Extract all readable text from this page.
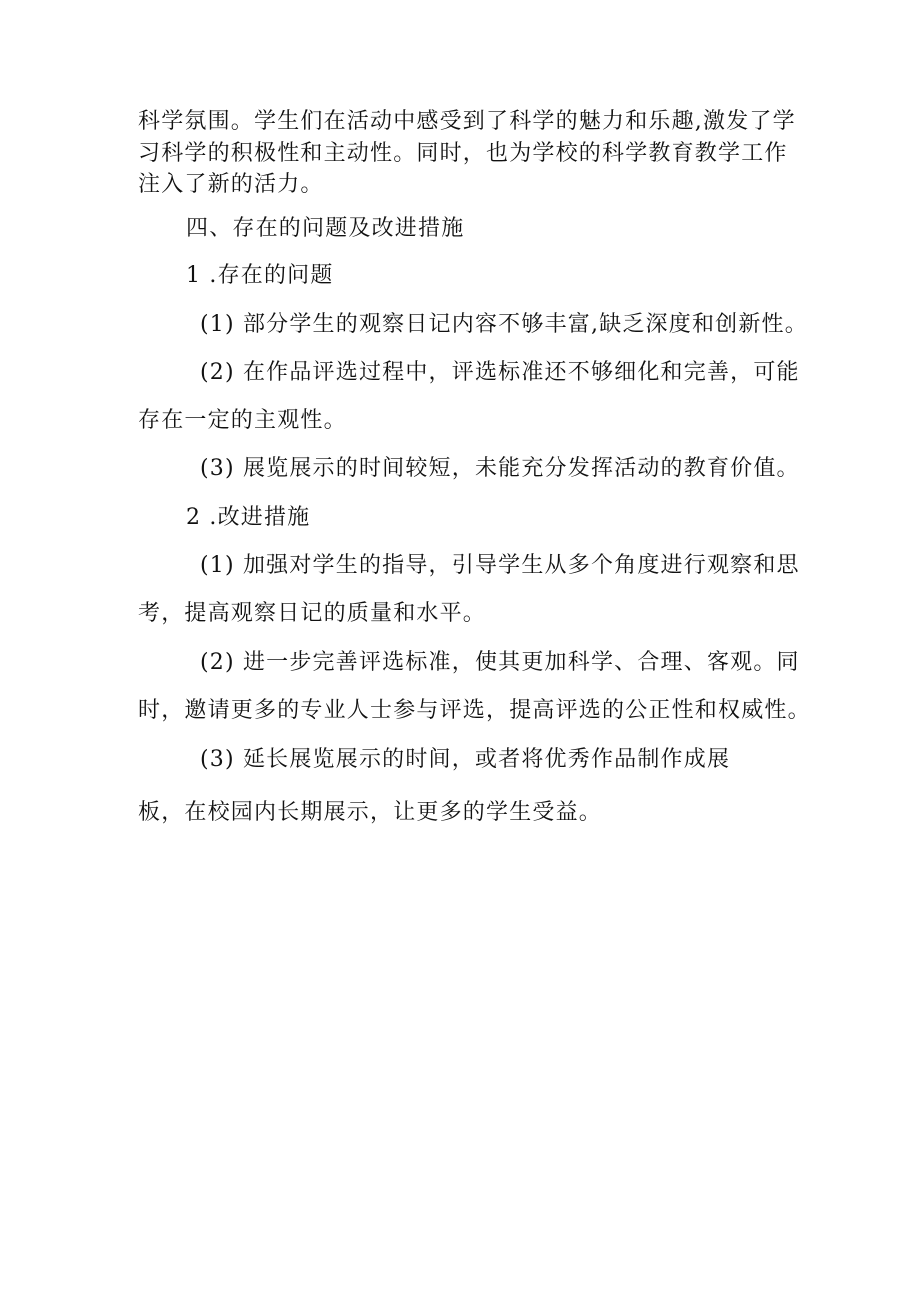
科学氛围。学生们在活动中感受到了科学的魅力和乐趣,激发了学
习科学的积极性和主动性。同时，也为学校的科学教育教学工作
注入了新的活力。
四、存在的问题及改进措施
1 .存在的问题
(1) 部分学生的观察日记内容不够丰富,缺乏深度和创新性。
(2) 在作品评选过程中，评选标准还不够细化和完善，可能
存在一定的主观性。
(3) 展览展示的时间较短，未能充分发挥活动的教育价值。
2 .改进措施
(1) 加强对学生的指导，引导学生从多个角度进行观察和思
考，提高观察日记的质量和水平。
(2) 进一步完善评选标准，使其更加科学、合理、客观。同
时，邀请更多的专业人士参与评选，提高评选的公正性和权威性。
(3) 延长展览展示的时间，或者将优秀作品制作成展
板，在校园内长期展示，让更多的学生受益。
